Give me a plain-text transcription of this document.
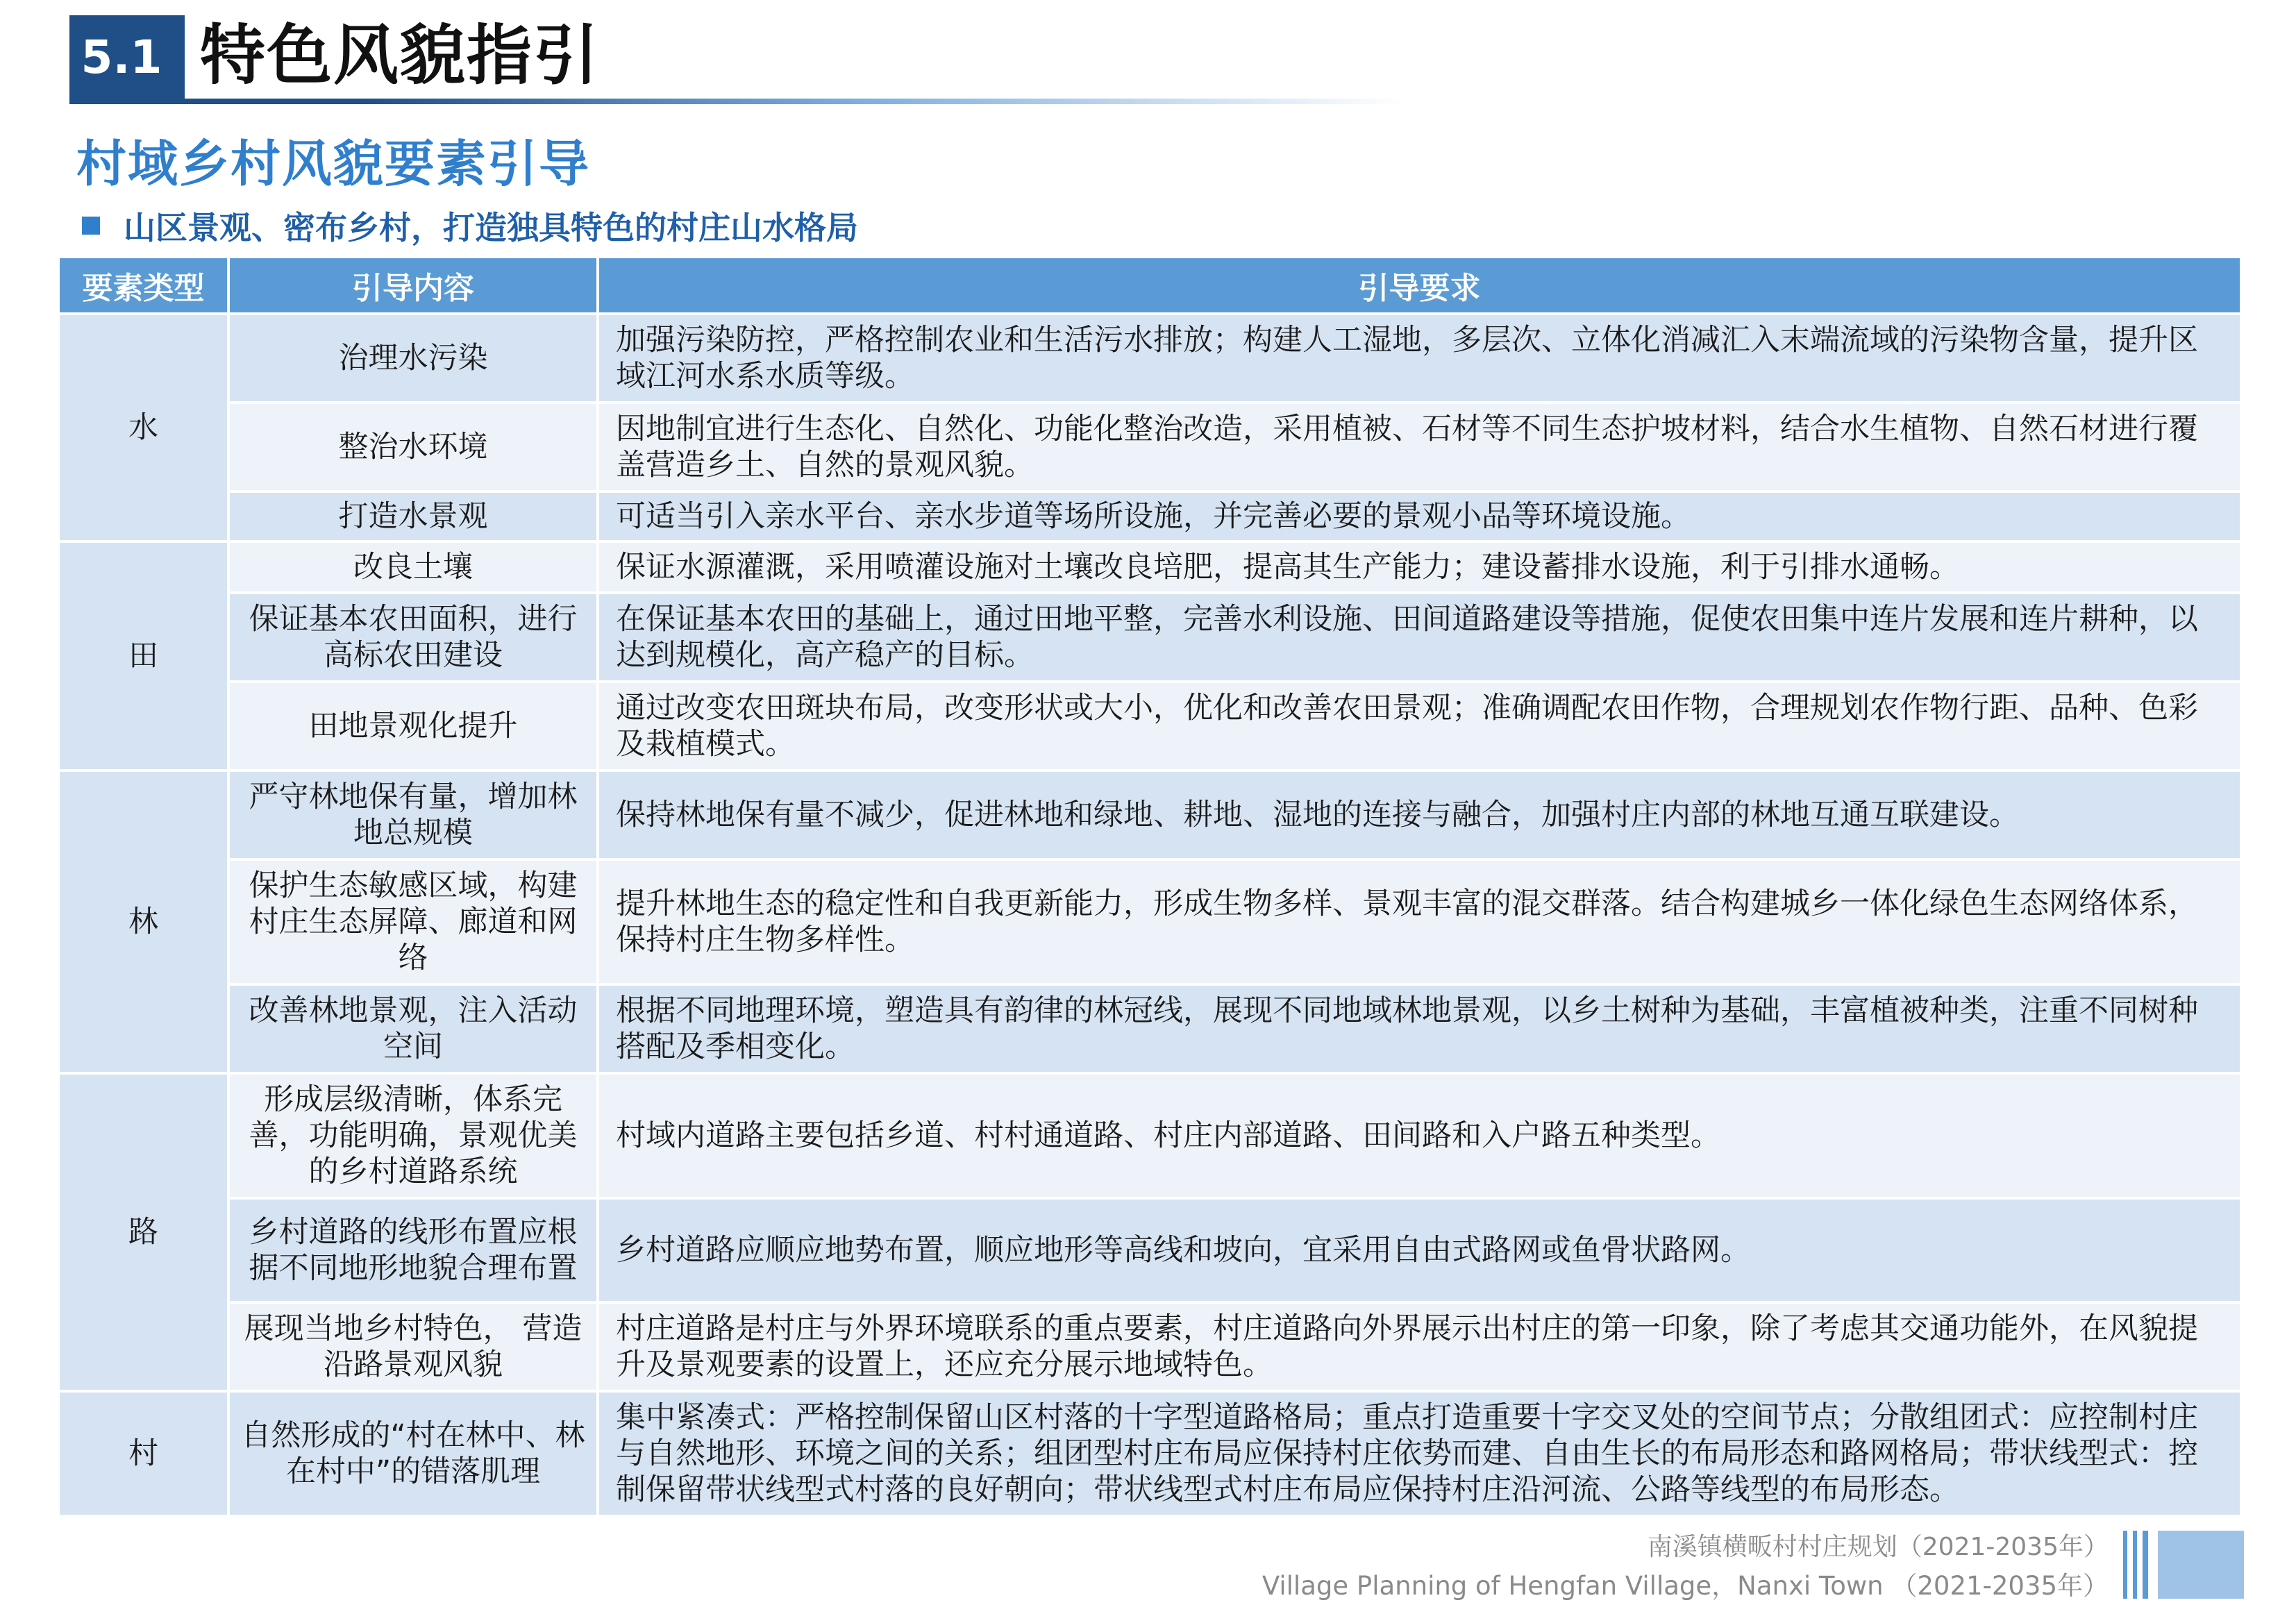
5.1 特色风貌指引
村域乡村风貌要素引导
山区景观、密布乡村，打造独具特色的村庄山水格局
要素类型	引导内容	引导要求
水	治理水污染	加强污染防控，严格控制农业和生活污水排放；构建人工湿地，多层次、立体化消减汇入末端流域的污染物含量，提升区域江河水系水质等级。
	整治水环境	因地制宜进行生态化、自然化、功能化整治改造，采用植被、石材等不同生态护坡材料，结合水生植物、自然石材进行覆盖营造乡土、自然的景观风貌。
	打造水景观	可适当引入亲水平台、亲水步道等场所设施，并完善必要的景观小品等环境设施。
田	改良土壤	保证水源灌溉，采用喷灌设施对土壤改良培肥，提高其生产能力；建设蓄排水设施，利于引排水通畅。
	保证基本农田面积，进行高标农田建设	在保证基本农田的基础上，通过田地平整，完善水利设施、田间道路建设等措施，促使农田集中连片发展和连片耕种，以达到规模化，高产稳产的目标。
	田地景观化提升	通过改变农田斑块布局，改变形状或大小，优化和改善农田景观；准确调配农田作物，合理规划农作物行距、品种、色彩及栽植模式。
林	严守林地保有量，增加林地总规模	保持林地保有量不减少，促进林地和绿地、耕地、湿地的连接与融合，加强村庄内部的林地互通互联建设。
	保护生态敏感区域，构建村庄生态屏障、廊道和网络	提升林地生态的稳定性和自我更新能力，形成生物多样、景观丰富的混交群落。结合构建城乡一体化绿色生态网络体系，保持村庄生物多样性。
	改善林地景观，注入活动空间	根据不同地理环境，塑造具有韵律的林冠线，展现不同地域林地景观，以乡土树种为基础，丰富植被种类，注重不同树种搭配及季相变化。
路	形成层级清晰，体系完善，功能明确，景观优美的乡村道路系统	村域内道路主要包括乡道、村村通道路、村庄内部道路、田间路和入户路五种类型。
	乡村道路的线形布置应根据不同地形地貌合理布置	乡村道路应顺应地势布置，顺应地形等高线和坡向，宜采用自由式路网或鱼骨状路网。
	展现当地乡村特色， 营造沿路景观风貌	村庄道路是村庄与外界环境联系的重点要素，村庄道路向外界展示出村庄的第一印象，除了考虑其交通功能外，在风貌提升及景观要素的设置上，还应充分展示地域特色。
村	自然形成的“村在林中、林在村中”的错落肌理	集中紧凑式：严格控制保留山区村落的十字型道路格局；重点打造重要十字交叉处的空间节点；分散组团式：应控制村庄与自然地形、环境之间的关系；组团型村庄布局应保持村庄依势而建、自由生长的布局形态和路网格局；带状线型式：控制保留带状线型式村落的良好朝向；带状线型式村庄布局应保持村庄沿河流、公路等线型的布局形态。
南溪镇横畈村村庄规划（2021-2035年）
Village Planning of Hengfan Village，Nanxi Town （2021-2035年）
